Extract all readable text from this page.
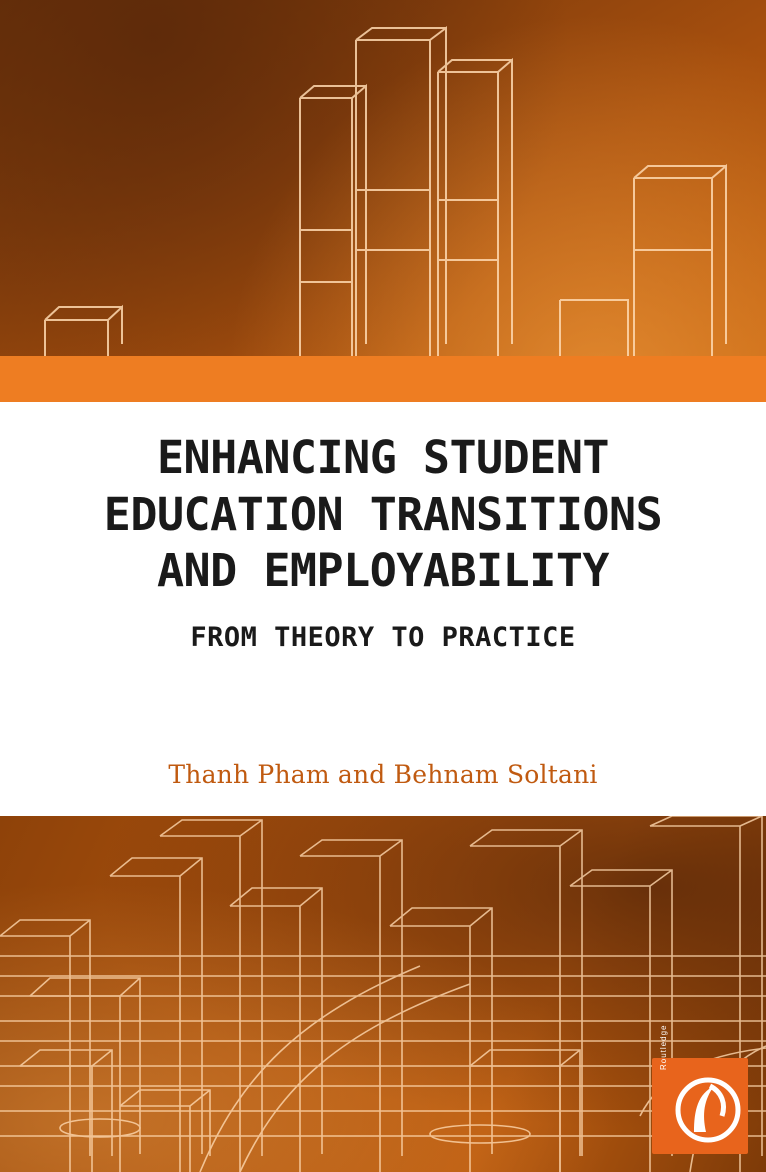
ENHANCING STUDENT
EDUCATION TRANSITIONS
AND EMPLOYABILITY

FROM THEORY TO PRACTICE

Thanh Pham and Behnam Soltani
Routledge
